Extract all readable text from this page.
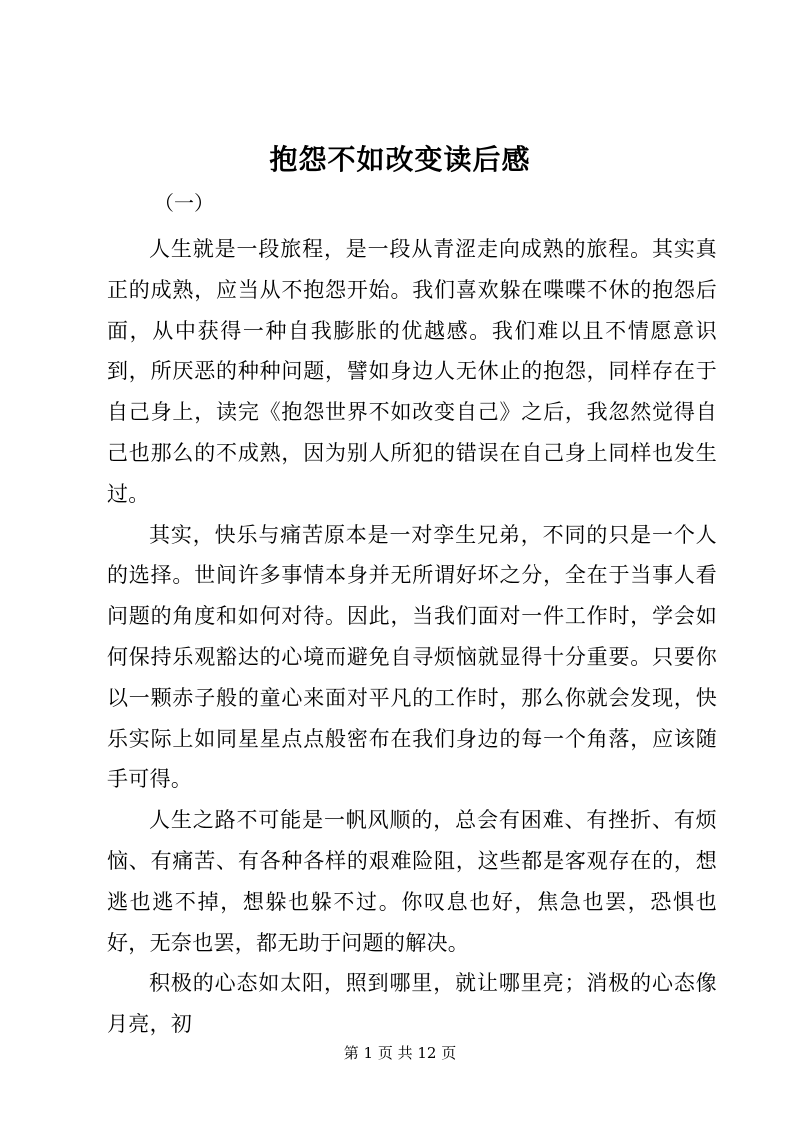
抱怨不如改变读后感

（一）

人生就是一段旅程，是一段从青涩走向成熟的旅程。其实真正的成熟，应当从不抱怨开始。我们喜欢躲在喋喋不休的抱怨后面，从中获得一种自我膨胀的优越感。我们难以且不情愿意识到，所厌恶的种种问题，譬如身边人无休止的抱怨，同样存在于自己身上，读完《抱怨世界不如改变自己》之后，我忽然觉得自己也那么的不成熟，因为别人所犯的错误在自己身上同样也发生过。

其实，快乐与痛苦原本是一对孪生兄弟，不同的只是一个人的选择。世间许多事情本身并无所谓好坏之分，全在于当事人看问题的角度和如何对待。因此，当我们面对一件工作时，学会如何保持乐观豁达的心境而避免自寻烦恼就显得十分重要。只要你以一颗赤子般的童心来面对平凡的工作时，那么你就会发现，快乐实际上如同星星点点般密布在我们身边的每一个角落，应该随手可得。

人生之路不可能是一帆风顺的，总会有困难、有挫折、有烦恼、有痛苦、有各种各样的艰难险阻，这些都是客观存在的，想逃也逃不掉，想躲也躲不过。你叹息也好，焦急也罢，恐惧也好，无奈也罢，都无助于问题的解决。

积极的心态如太阳，照到哪里，就让哪里亮；消极的心态像月亮，初

第 1 页 共 12 页
